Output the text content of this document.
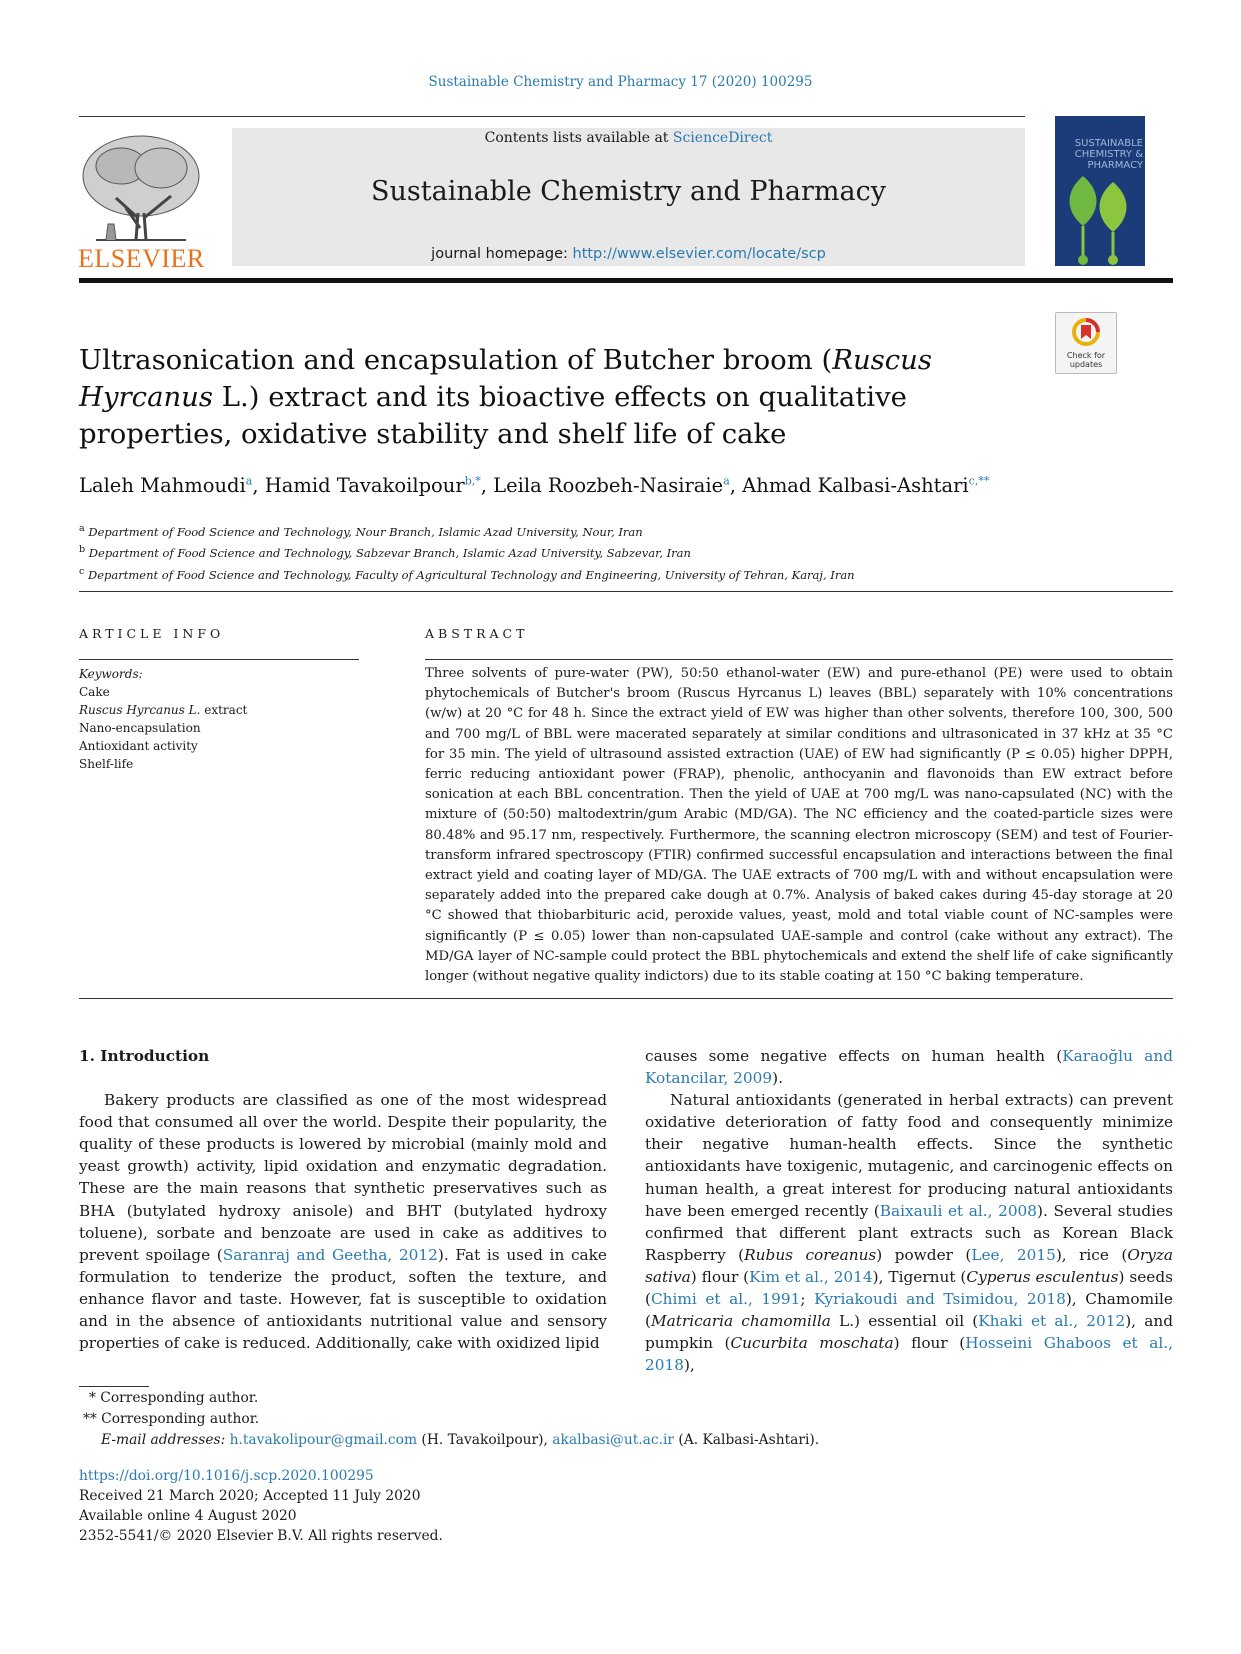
Sustainable Chemistry and Pharmacy 17 (2020) 100295
ELSEVIER
Contents lists available at ScienceDirect
Sustainable Chemistry and Pharmacy
journal homepage: http://www.elsevier.com/locate/scp
SUSTAINABLE CHEMISTRY & PHARMACY
Check for updates
Ultrasonication and encapsulation of Butcher broom (Ruscus Hyrcanus L.) extract and its bioactive effects on qualitative properties, oxidative stability and shelf life of cake
Laleh Mahmoudi$^a$, Hamid Tavakoilpour$^{b,*}$, Leila Roozbeh-Nasiraie$^a$, Ahmad Kalbasi-Ashtari$^{c,**}$
$^a$ Department of Food Science and Technology, Nour Branch, Islamic Azad University, Nour, Iran
$^b$ Department of Food Science and Technology, Sabzevar Branch, Islamic Azad University, Sabzevar, Iran
$^c$ Department of Food Science and Technology, Faculty of Agricultural Technology and Engineering, University of Tehran, Karaj, Iran
ARTICLE INFO
Keywords:
Cake
Ruscus Hyrcanus L. extract
Nano-encapsulation
Antioxidant activity
Shelf-life
ABSTRACT
Three solvents of pure-water (PW), 50:50 ethanol-water (EW) and pure-ethanol (PE) were used to obtain phytochemicals of Butcher's broom (Ruscus Hyrcanus L) leaves (BBL) separately with 10% concentrations (w/w) at 20 °C for 48 h. Since the extract yield of EW was higher than other solvents, therefore 100, 300, 500 and 700 mg/L of BBL were macerated separately at similar conditions and ultrasonicated in 37 kHz at 35 °C for 35 min. The yield of ultrasound assisted extraction (UAE) of EW had significantly (P ≤ 0.05) higher DPPH, ferric reducing antioxidant power (FRAP), phenolic, anthocyanin and flavonoids than EW extract before sonication at each BBL concentration. Then the yield of UAE at 700 mg/L was nano-capsulated (NC) with the mixture of (50:50) maltodextrin/gum Arabic (MD/GA). The NC efficiency and the coated-particle sizes were 80.48% and 95.17 nm, respectively. Furthermore, the scanning electron microscopy (SEM) and test of Fourier-transform infrared spectroscopy (FTIR) confirmed successful encapsulation and interactions between the final extract yield and coating layer of MD/GA. The UAE extracts of 700 mg/L with and without encapsulation were separately added into the prepared cake dough at 0.7%. Analysis of baked cakes during 45-day storage at 20 °C showed that thiobarbituric acid, peroxide values, yeast, mold and total viable count of NC-samples were significantly (P ≤ 0.05) lower than non-capsulated UAE-sample and control (cake without any extract). The MD/GA layer of NC-sample could protect the BBL phytochemicals and extend the shelf life of cake significantly longer (without negative quality indictors) due to its stable coating at 150 °C baking temperature.
1. Introduction

Bakery products are classified as one of the most widespread food that consumed all over the world. Despite their popularity, the quality of these products is lowered by microbial (mainly mold and yeast growth) activity, lipid oxidation and enzymatic degradation. These are the main reasons that synthetic preservatives such as BHA (butylated hydroxy anisole) and BHT (butylated hydroxy toluene), sorbate and benzoate are used in cake as additives to prevent spoilage (Saranraj and Geetha, 2012). Fat is used in cake formulation to tenderize the product, soften the texture, and enhance flavor and taste. However, fat is susceptible to oxidation and in the absence of antioxidants nutritional value and sensory properties of cake is reduced. Additionally, cake with oxidized lipid

causes some negative effects on human health (Karaoğlu and Kotancilar, 2009).

Natural antioxidants (generated in herbal extracts) can prevent oxidative deterioration of fatty food and consequently minimize their negative human-health effects. Since the synthetic antioxidants have toxigenic, mutagenic, and carcinogenic effects on human health, a great interest for producing natural antioxidants have been emerged recently (Baixauli et al., 2008). Several studies confirmed that different plant extracts such as Korean Black Raspberry (Rubus coreanus) powder (Lee, 2015), rice (Oryza sativa) flour (Kim et al., 2014), Tigernut (Cyperus esculentus) seeds (Chimi et al., 1991; Kyriakoudi and Tsimidou, 2018), Chamomile (Matricaria chamomilla L.) essential oil (Khaki et al., 2012), and pumpkin (Cucurbita moschata) flour (Hosseini Ghaboos et al., 2018),

* Corresponding author.
** Corresponding author.
E-mail addresses: h.tavakolipour@gmail.com (H. Tavakoilpour), akalbasi@ut.ac.ir (A. Kalbasi-Ashtari).
https://doi.org/10.1016/j.scp.2020.100295
Received 21 March 2020; Accepted 11 July 2020
Available online 4 August 2020
2352-5541/© 2020 Elsevier B.V. All rights reserved.
